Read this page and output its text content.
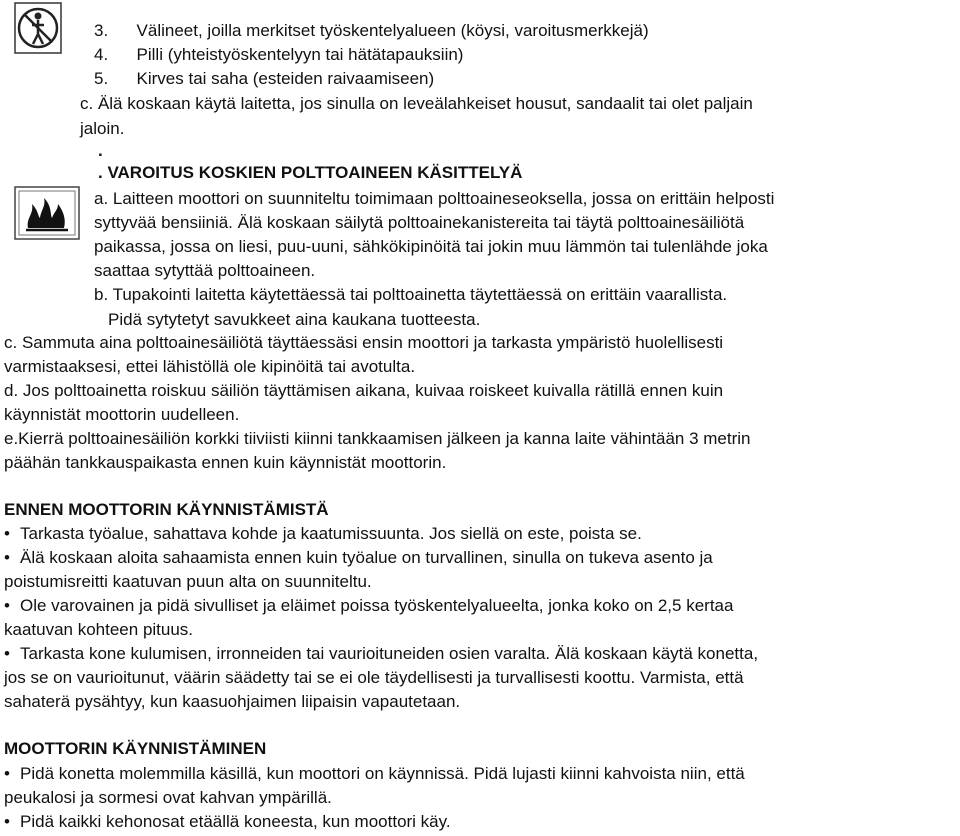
3. Välineet, joilla merkitset työskentelyalueen (köysi, varoitusmerkkejä)
4. Pilli (yhteistyöskentelyyn tai hätätapauksiin)
5. Kirves tai saha (esteiden raivaamiseen)
c. Älä koskaan käytä laitetta, jos sinulla on leveälahkeiset housut, sandaalit tai olet paljain
jaloin.
.
. VAROITUS KOSKIEN POLTTOAINEEN KÄSITTELYÄ
a. Laitteen moottori on suunniteltu toimimaan polttoaineseoksella, jossa on erittäin helposti
syttyvää bensiiniä. Älä koskaan säilytä polttoainekanistereita tai täytä polttoainesäiliötä
paikassa, jossa on liesi, puu-uuni, sähkökipinöitä tai jokin muu lämmön tai tulenlähde joka
saattaa sytyttää polttoaineen.
b. Tupakointi laitetta käytettäessä tai polttoainetta täytettäessä on erittäin vaarallista.
Pidä sytytetyt savukkeet aina kaukana tuotteesta.
c. Sammuta aina polttoainesäiliötä täyttäessäsi ensin moottori ja tarkasta ympäristö huolellisesti
varmistaaksesi, ettei lähistöllä ole kipinöitä tai avotulta.
d. Jos polttoainetta roiskuu säiliön täyttämisen aikana, kuivaa roiskeet kuivalla rätillä ennen kuin
käynnistät moottorin uudelleen.
e.Kierrä polttoainesäiliön korkki tiiviisti kiinni tankkaamisen jälkeen ja kanna laite vähintään 3 metrin
päähän tankkauspaikasta ennen kuin käynnistät moottorin.
ENNEN MOOTTORIN KÄYNNISTÄMISTÄ
• Tarkasta työalue, sahattava kohde ja kaatumissuunta. Jos siellä on este, poista se.
• Älä koskaan aloita sahaamista ennen kuin työalue on turvallinen, sinulla on tukeva asento ja
poistumisreitti kaatuvan puun alta on suunniteltu.
• Ole varovainen ja pidä sivulliset ja eläimet poissa työskentelyalueelta, jonka koko on 2,5 kertaa
kaatuvan kohteen pituus.
• Tarkasta kone kulumisen, irronneiden tai vaurioituneiden osien varalta. Älä koskaan käytä konetta,
jos se on vaurioitunut, väärin säädetty tai se ei ole täydellisesti ja turvallisesti koottu. Varmista, että
sahaterä pysähtyy, kun kaasuohjaimen liipaisin vapautetaan.
MOOTTORIN KÄYNNISTÄMINEN
• Pidä konetta molemmilla käsillä, kun moottori on käynnissä. Pidä lujasti kiinni kahvoista niin, että
peukalosi ja sormesi ovat kahvan ympärillä.
• Pidä kaikki kehonosat etäällä koneesta, kun moottori käy.
